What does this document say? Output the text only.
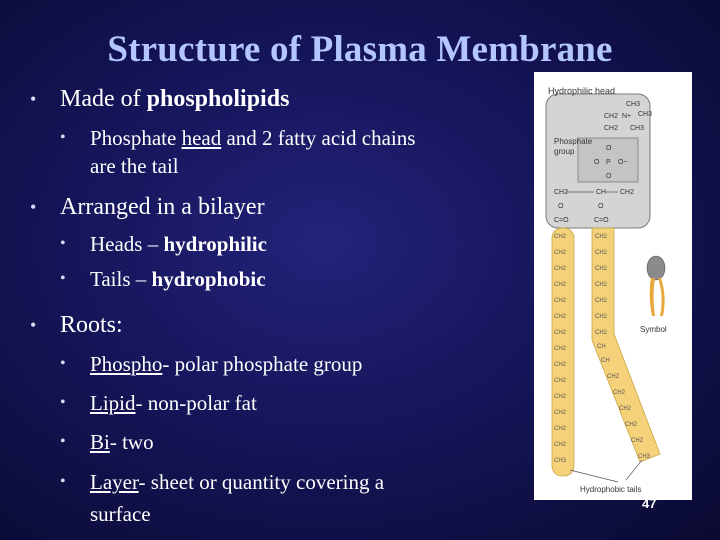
Structure of Plasma Membrane
• Made of phospholipids
• Phosphate head and 2 fatty acid chains
are the tail
• Arranged in a bilayer
• Heads – hydrophilic
• Tails – hydrophobic
• Roots:
• Phospho- polar phosphate group
• Lipid- non-polar fat
• Bi- two
• Layer- sheet or quantity covering a
surface
Hydrophilic head
Phosphate
group
CH3
CH2 N+ CH3
CH3
CH2
O
O P O−
O
CH2	CH CH2
O	O
C=O	C=O
CH2
CH2
CH2
CH2
CH2
CH2
CH2
CH2
CH2
CH2
CH2
CH2
CH2
CH2
CH3
CH2
CH2
CH2
CH2
CH2
CH2
CH2
CH
CH
CH2
CH2
CH2
CH2
CH2
CH3
Symbol
Hydrophobic tails
47
